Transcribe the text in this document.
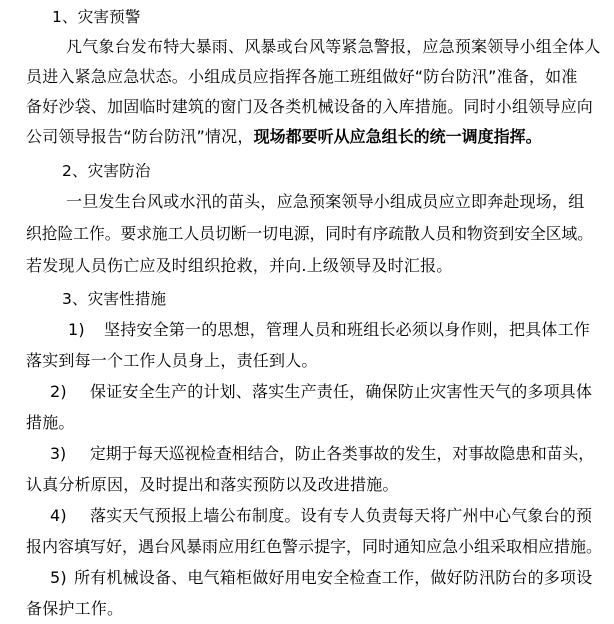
1、灾害预警
凡气象台发布特大暴雨、风暴或台风等紧急警报，应急预案领导小组全体人
员进入紧急应急状态。小组成员应指挥各施工班组做好“防台防汛”准备，如准
备好沙袋、加固临时建筑的窗门及各类机械设备的入库措施。同时小组领导应向
公司领导报告“防台防汛”情况，现场都要听从应急组长的统一调度指挥。
2、灾害防治
一旦发生台风或水汛的苗头，应急预案领导小组成员应立即奔赴现场，组
织抢险工作。要求施工人员切断一切电源，同时有序疏散人员和物资到安全区域。
若发现人员伤亡应及时组织抢救，并向.上级领导及时汇报。
3、灾害性措施
1) 坚持安全第一的思想，管理人员和班组长必须以身作则，把具体工作
落实到每一个工作人员身上，责任到人。
2) 保证安全生产的计划、落实生产责任，确保防止灾害性天气的多项具体
措施。
3) 定期于每天巡视检查相结合，防止各类事故的发生，对事故隐患和苗头，
认真分析原因，及时提出和落实预防以及改进措施。
4) 落实天气预报上墙公布制度。设有专人负责每天将广州中心气象台的预
报内容填写好，遇台风暴雨应用红色警示提字，同时通知应急小组采取相应措施。
5) 所有机械设备、电气箱柜做好用电安全检查工作，做好防汛防台的多项设
备保护工作。
